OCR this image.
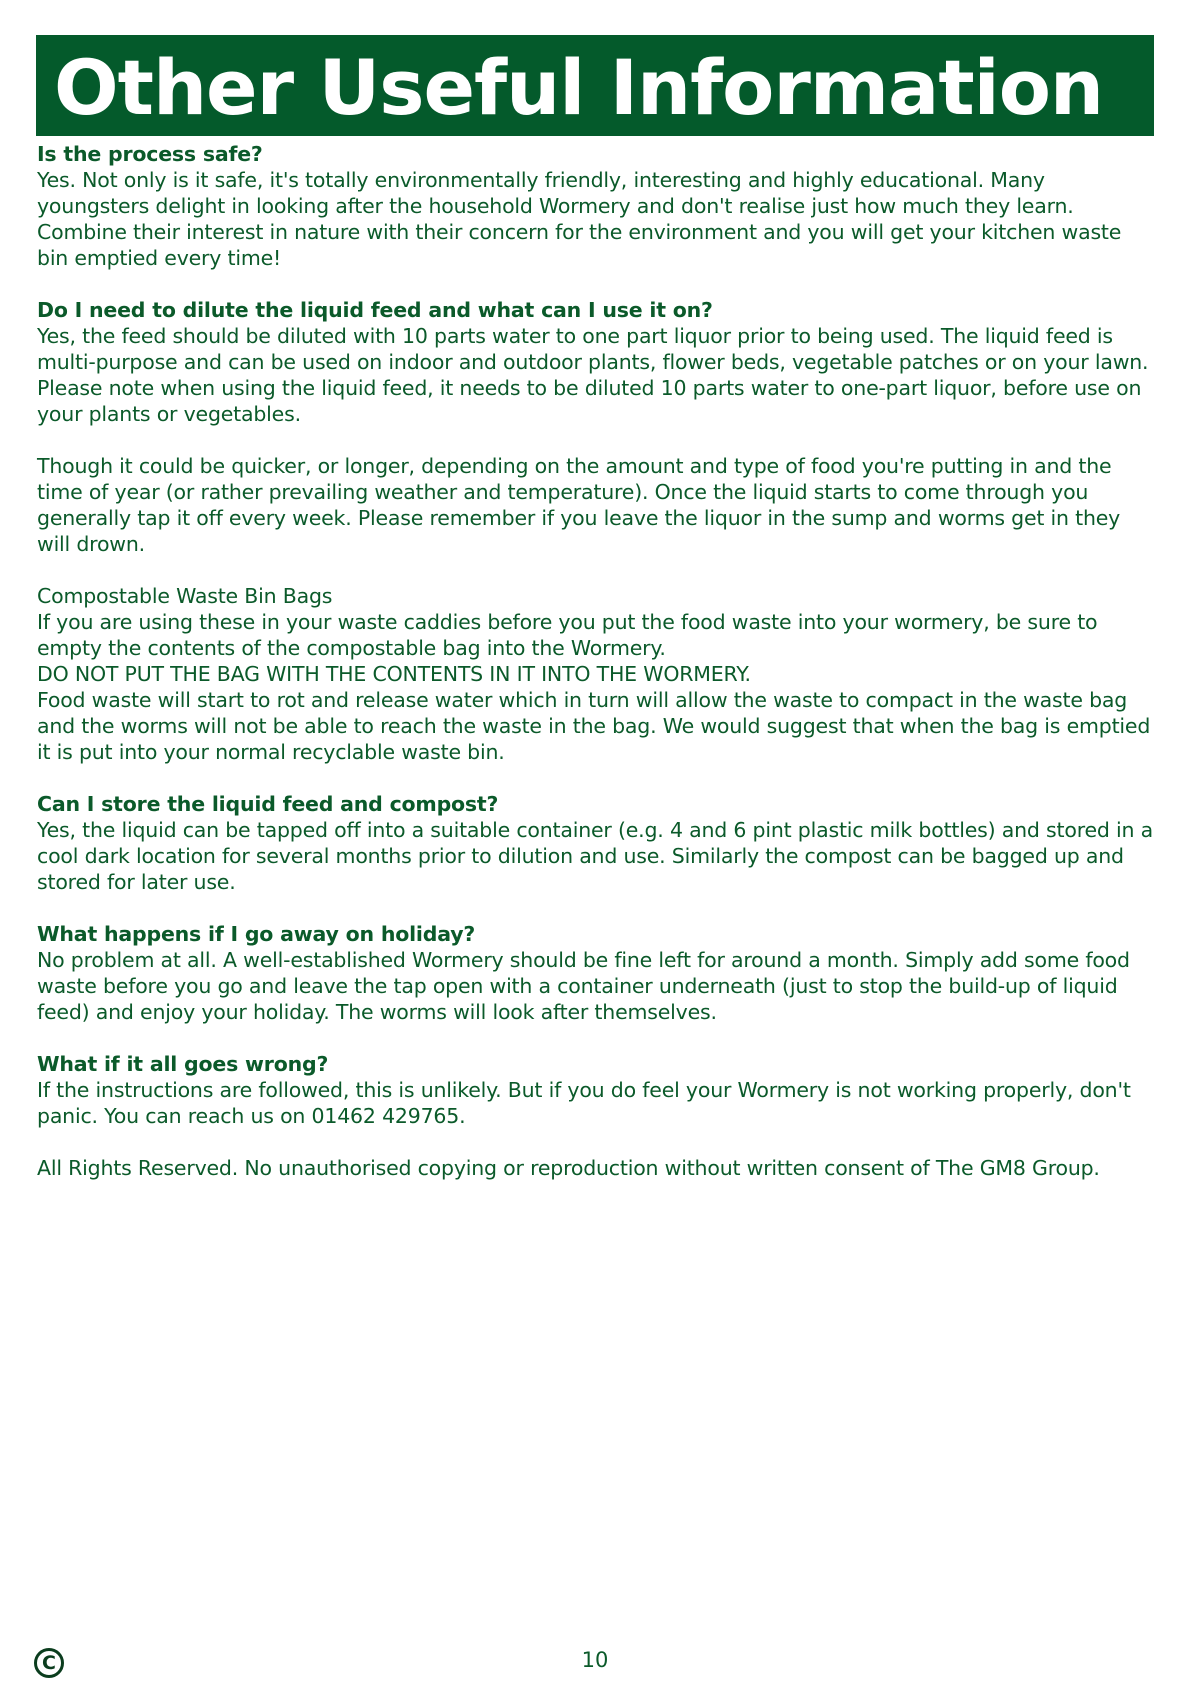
Other Useful Information

Is the process safe?
Yes. Not only is it safe, it's totally environmentally friendly, interesting and highly educational. Many youngsters delight in looking after the household Wormery and don't realise just how much they learn. Combine their interest in nature with their concern for the environment and you will get your kitchen waste bin emptied every time!

Do I need to dilute the liquid feed and what can I use it on?
Yes, the feed should be diluted with 10 parts water to one part liquor prior to being used. The liquid feed is multi-purpose and can be used on indoor and outdoor plants, flower beds, vegetable patches or on your lawn. Please note when using the liquid feed, it needs to be diluted 10 parts water to one-part liquor, before use on your plants or vegetables.

Though it could be quicker, or longer, depending on the amount and type of food you're putting in and the time of year (or rather prevailing weather and temperature). Once the liquid starts to come through you generally tap it off every week. Please remember if you leave the liquor in the sump and worms get in they will drown.

Compostable Waste Bin Bags
If you are using these in your waste caddies before you put the food waste into your wormery, be sure to empty the contents of the compostable bag into the Wormery.
DO NOT PUT THE BAG WITH THE CONTENTS IN IT INTO THE WORMERY.
Food waste will start to rot and release water which in turn will allow the waste to compact in the waste bag and the worms will not be able to reach the waste in the bag. We would suggest that when the bag is emptied it is put into your normal recyclable waste bin.

Can I store the liquid feed and compost?
Yes, the liquid can be tapped off into a suitable container (e.g. 4 and 6 pint plastic milk bottles) and stored in a cool dark location for several months prior to dilution and use. Similarly the compost can be bagged up and stored for later use.

What happens if I go away on holiday?
No problem at all. A well-established Wormery should be fine left for around a month. Simply add some food waste before you go and leave the tap open with a container underneath (just to stop the build-up of liquid feed) and enjoy your holiday. The worms will look after themselves.

What if it all goes wrong?
If the instructions are followed, this is unlikely. But if you do feel your Wormery is not working properly, don't panic. You can reach us on 01462 429765.

All Rights Reserved. No unauthorised copying or reproduction without written consent of The GM8 Group.

C	10
